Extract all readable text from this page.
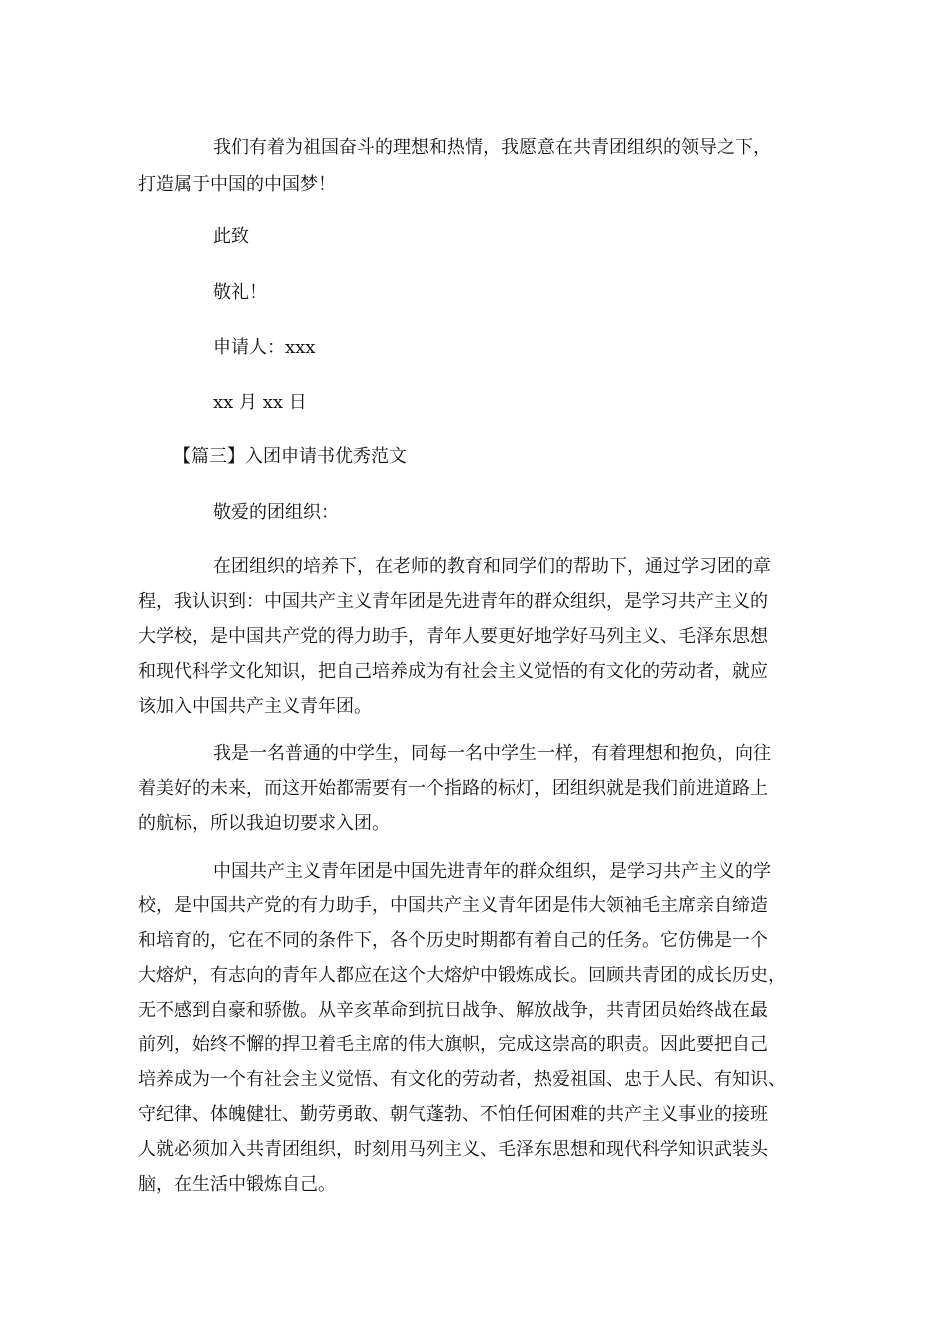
我们有着为祖国奋斗的理想和热情，我愿意在共青团组织的领导之下，
打造属于中国的中国梦！
此致
敬礼！
申请人：xxx
xx 月 xx 日
【篇三】入团申请书优秀范文
敬爱的团组织：
在团组织的培养下，在老师的教育和同学们的帮助下，通过学习团的章
程，我认识到：中国共产主义青年团是先进青年的群众组织，是学习共产主义的
大学校，是中国共产党的得力助手，青年人要更好地学好马列主义、毛泽东思想
和现代科学文化知识，把自己培养成为有社会主义觉悟的有文化的劳动者，就应
该加入中国共产主义青年团。
我是一名普通的中学生，同每一名中学生一样，有着理想和抱负，向往
着美好的未来，而这开始都需要有一个指路的标灯，团组织就是我们前进道路上
的航标，所以我迫切要求入团。
中国共产主义青年团是中国先进青年的群众组织，是学习共产主义的学
校，是中国共产党的有力助手，中国共产主义青年团是伟大领袖毛主席亲自缔造
和培育的，它在不同的条件下，各个历史时期都有着自己的任务。它仿佛是一个
大熔炉，有志向的青年人都应在这个大熔炉中锻炼成长。回顾共青团的成长历史，
无不感到自豪和骄傲。从辛亥革命到抗日战争、解放战争，共青团员始终战在最
前列，始终不懈的捍卫着毛主席的伟大旗帜，完成这崇高的职责。因此要把自己
培养成为一个有社会主义觉悟、有文化的劳动者，热爱祖国、忠于人民、有知识、
守纪律、体魄健壮、勤劳勇敢、朝气蓬勃、不怕任何困难的共产主义事业的接班
人就必须加入共青团组织，时刻用马列主义、毛泽东思想和现代科学知识武装头
脑，在生活中锻炼自己。
